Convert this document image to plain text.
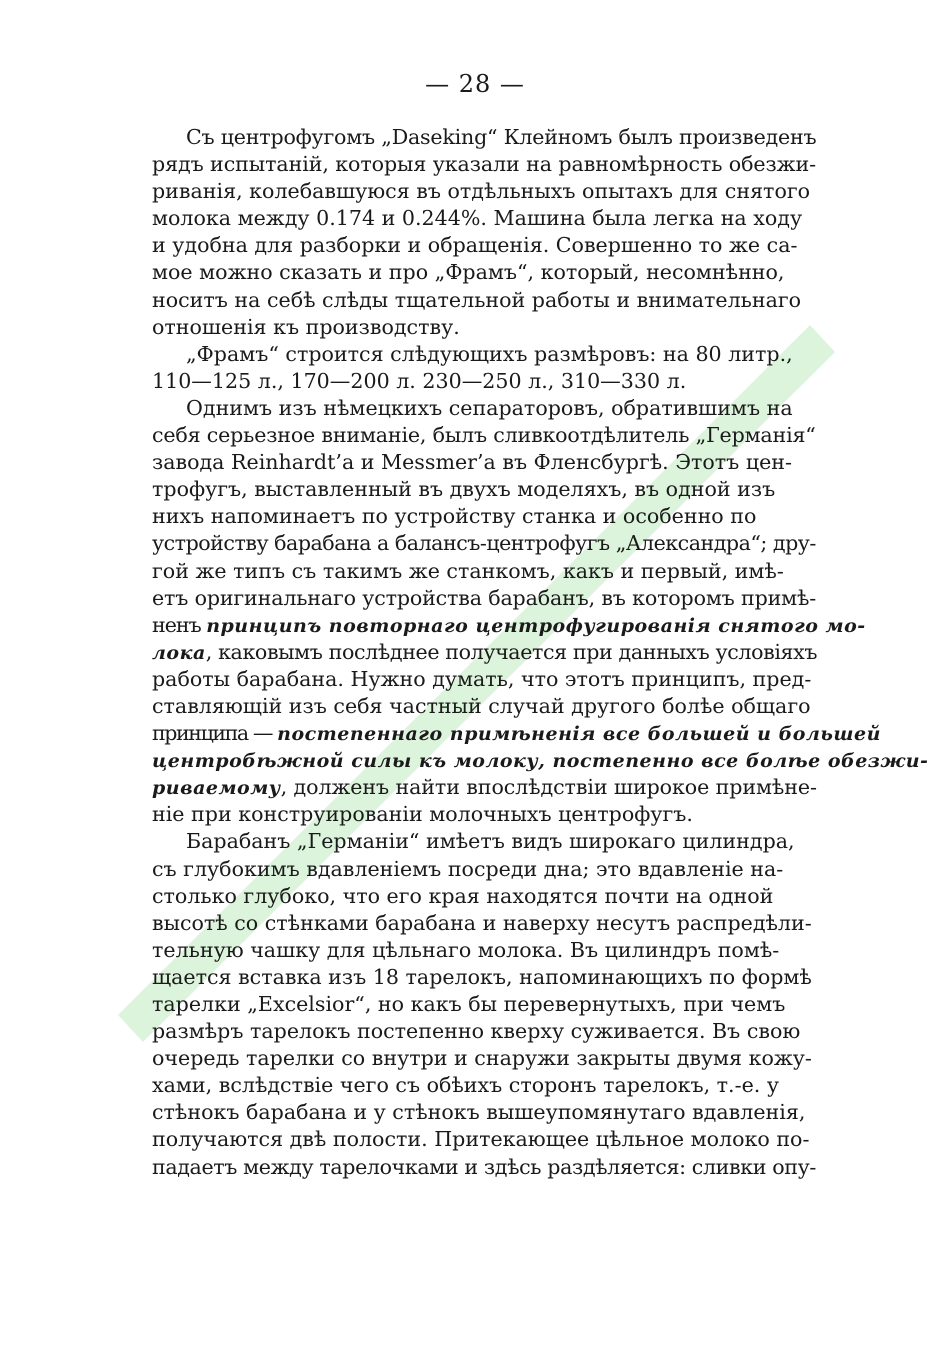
— 28 —
Съ центрофугомъ „Daseking“ Клейномъ былъ произведенъ
рядъ испытаній, которыя указали на равномѣрность обезжи-
риванія, колебавшуюся въ отдѣльныхъ опытахъ для снятого
молока между 0.174 и 0.244%. Машина была легка на ходу
и удобна для разборки и обращенія. Совершенно то же са-
мое можно сказать и про „Фрамъ“, который, несомнѣнно,
носитъ на себѣ слѣды тщательной работы и внимательнаго
отношенія къ производству.
„Фрамъ“ строится слѣдующихъ размѣровъ: на 80 литр.,
110—125 л., 170—200 л. 230—250 л., 310—330 л.
Однимъ изъ нѣмецкихъ сепараторовъ, обратившимъ на
себя серьезное вниманіе, былъ сливкоотдѣлитель „Германія“
завода Reinhardt’a и Messmer’a въ Фленсбургѣ. Этотъ цен-
трофугъ, выставленный въ двухъ моделяхъ, въ одной изъ
нихъ напоминаетъ по устройству станка и особенно по
устройству барабана а балансъ-центрофугъ „Александра“; дру-
гой же типъ съ такимъ же станкомъ, какъ и первый, имѣ-
етъ оригинальнаго устройства барабанъ, въ которомъ примѣ-
ненъ принципъ повторнаго центрофугированія снятого мо-
лока, каковымъ послѣднее получается при данныхъ условіяхъ
работы барабана. Нужно думать, что этотъ принципъ, пред-
ставляющій изъ себя частный случай другого болѣе общаго
принципа — постепеннаго примѣненія все большей и большей
центробѣжной силы къ молоку, постепенно все болѣе обезжи-
риваемому, долженъ найти впослѣдствіи широкое примѣне-
ніе при конструированіи молочныхъ центрофугъ.
Барабанъ „Германіи“ имѣетъ видъ широкаго цилиндра,
съ глубокимъ вдавленіемъ посреди дна; это вдавленіе на-
столько глубоко, что его края находятся почти на одной
высотѣ со стѣнками барабана и наверху несутъ распредѣли-
тельную чашку для цѣльнаго молока. Въ цилиндръ помѣ-
щается вставка изъ 18 тарелокъ, напоминающихъ по формѣ
тарелки „Excelsior“, но какъ бы перевернутыхъ, при чемъ
размѣръ тарелокъ постепенно кверху суживается. Въ свою
очередь тарелки со внутри и снаружи закрыты двумя кожу-
хами, вслѣдствіе чего съ обѣихъ сторонъ тарелокъ, т.-е. у
стѣнокъ барабана и у стѣнокъ вышеупомянутаго вдавленія,
получаются двѣ полости. Притекающее цѣльное молоко по-
падаетъ между тарелочками и здѣсь раздѣляется: сливки опу-
